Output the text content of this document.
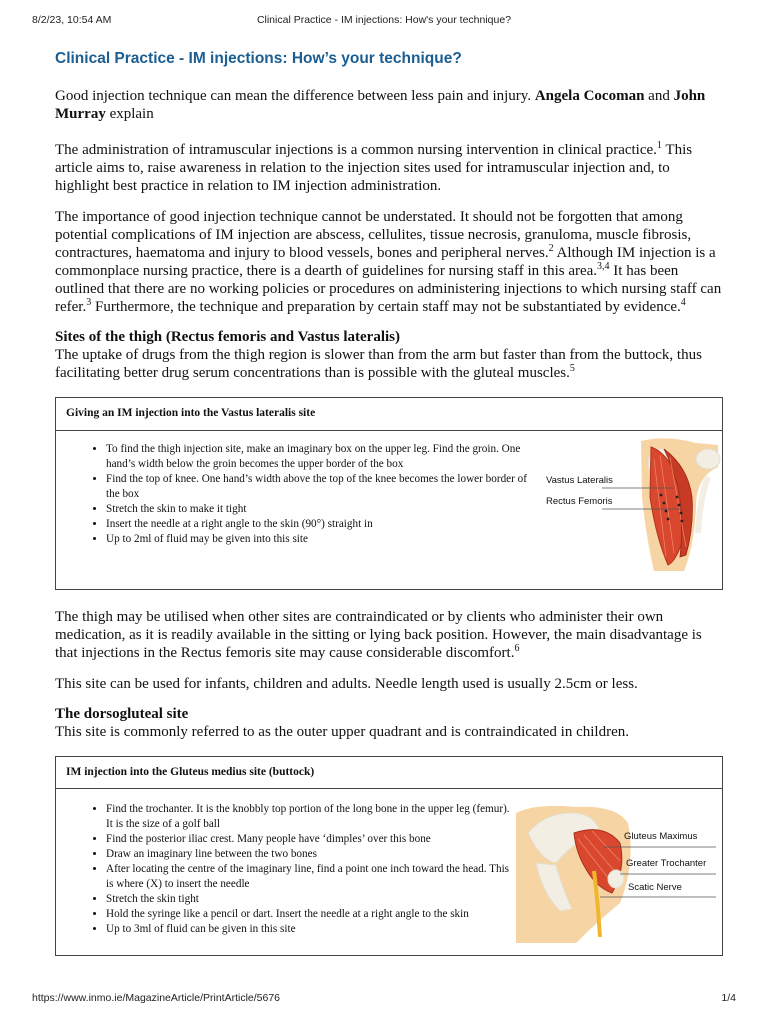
8/2/23, 10:54 AM	Clinical Practice - IM injections: How's your technique?
Clinical Practice - IM injections: How’s your technique?

Good injection technique can mean the difference between less pain and injury. Angela Cocoman and John Murray explain

The administration of intramuscular injections is a common nursing intervention in clinical practice.$^1$ This article aims to, raise awareness in relation to the injection sites used for intramuscular injection and, to highlight best practice in relation to IM injection administration.

The importance of good injection technique cannot be understated. It should not be forgotten that among potential complications of IM injection are abscess, cellulites, tissue necrosis, granuloma, muscle fibrosis, contractures, haematoma and injury to blood vessels, bones and peripheral nerves.$^2$ Although IM injection is a commonplace nursing practice, there is a dearth of guidelines for nursing staff in this area.$^{3,4}$ It has been outlined that there are no working policies or procedures on administering injections to which nursing staff can refer.$^3$ Furthermore, the technique and preparation by certain staff may not be substantiated by evidence.$^4$

Sites of the thigh (Rectus femoris and Vastus lateralis)

The uptake of drugs from the thigh region is slower than from the arm but faster than from the buttock, thus facilitating better drug serum concentrations than is possible with the gluteal muscles.$^5$

Giving an IM injection into the Vastus lateralis site
• To find the thigh injection site, make an imaginary box on the upper leg. Find the groin. One hand’s width below the groin becomes the upper border of the box
• Find the top of knee. One hand’s width above the top of the knee becomes the lower border of the box
• Stretch the skin to make it tight
• Insert the needle at a right angle to the skin (90°) straight in
• Up to 2ml of fluid may be given into this site
Vastus Lateralis
Rectus Femoris

The thigh may be utilised when other sites are contraindicated or by clients who administer their own medication, as it is readily available in the sitting or lying back position. However, the main disadvantage is that injections in the Rectus femoris site may cause considerable discomfort.$^6$

This site can be used for infants, children and adults. Needle length used is usually 2.5cm or less.

The dorsogluteal site

This site is commonly referred to as the outer upper quadrant and is contraindicated in children.

IM injection into the Gluteus medius site (buttock)
• Find the trochanter. It is the knobbly top portion of the long bone in the upper leg (femur). It is the size of a golf ball
• Find the posterior iliac crest. Many people have ‘dimples’ over this bone
• Draw an imaginary line between the two bones
• After locating the centre of the imaginary line, find a point one inch toward the head. This is where (X) to insert the needle
• Stretch the skin tight
• Hold the syringe like a pencil or dart. Insert the needle at a right angle to the skin
• Up to 3ml of fluid can be given in this site
Gluteus Maximus
Greater Trochanter
Scatic Nerve
https://www.inmo.ie/MagazineArticle/PrintArticle/5676	1/4
